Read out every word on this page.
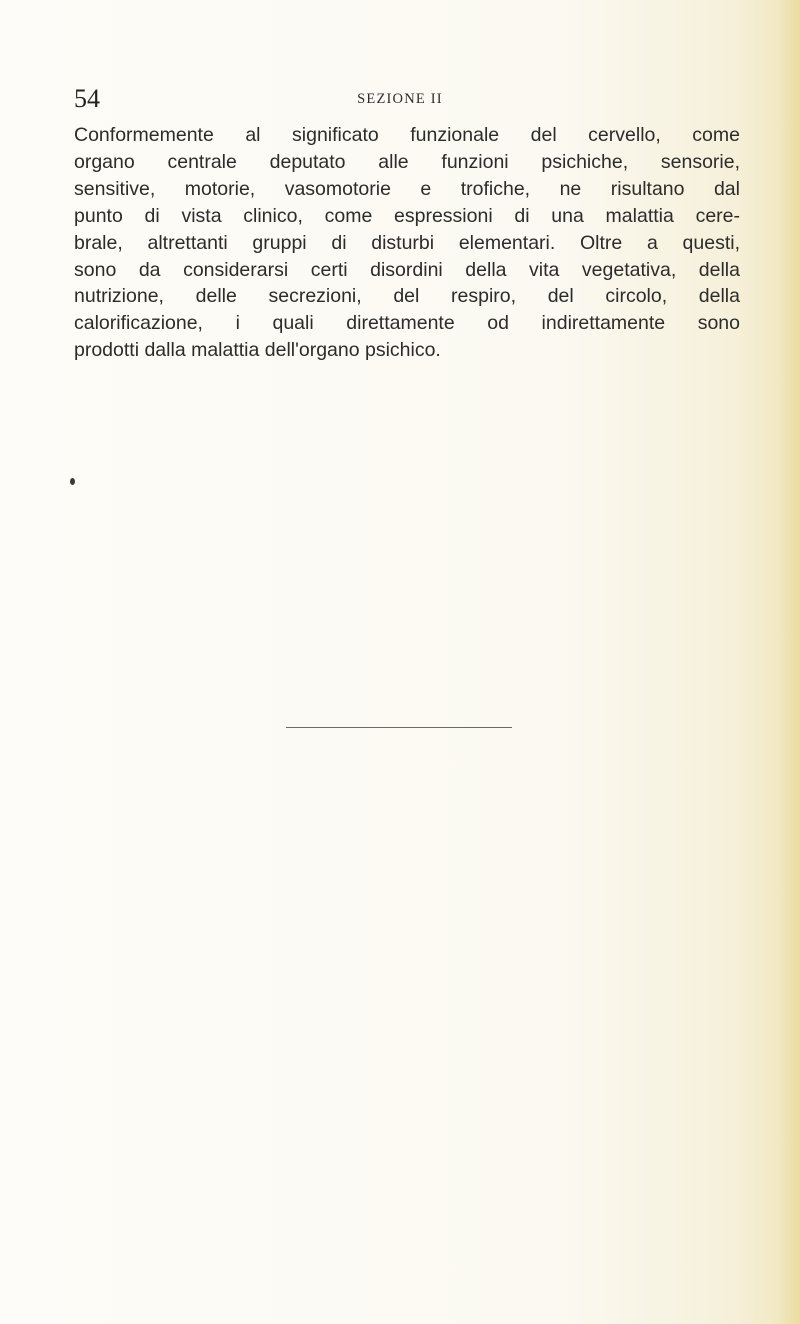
54	SEZIONE II
Conformemente al significato funzionale del cervello, come
organo centrale deputato alle funzioni psichiche, sensorie,
sensitive, motorie, vasomotorie e trofiche, ne risultano dal
punto di vista clinico, come espressioni di una malattia cere-
brale, altrettanti gruppi di disturbi elementari. Oltre a questi,
sono da considerarsi certi disordini della vita vegetativa, della
nutrizione, delle secrezioni, del respiro, del circolo, della
calorificazione, i quali direttamente od indirettamente sono
prodotti dalla malattia dell'organo psichico.
